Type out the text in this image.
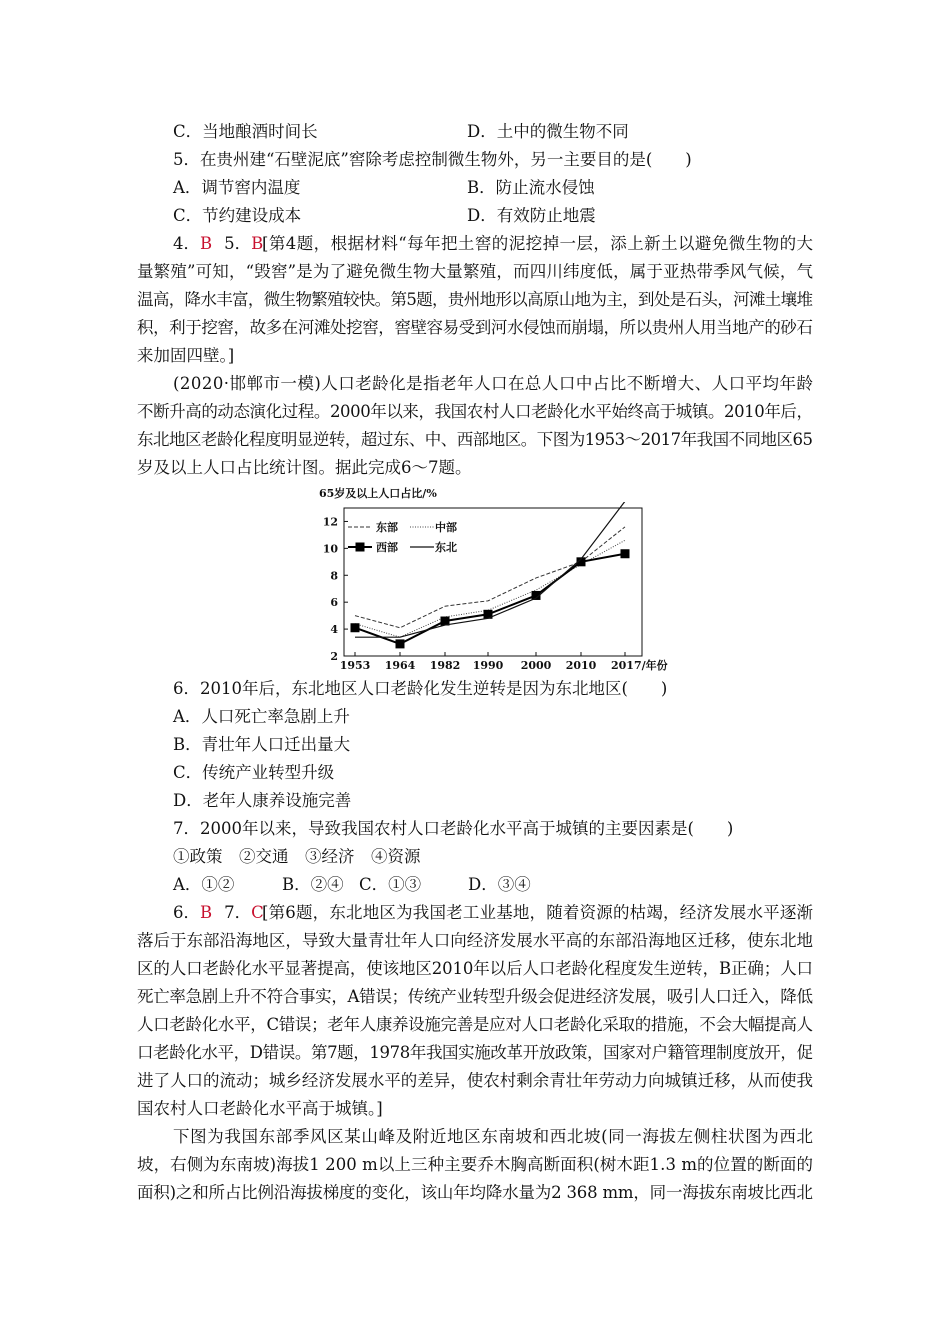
C．当地酿酒时间长	D．土中的微生物不同
5．在贵州建“石壁泥底”窖除考虑控制微生物外，另一主要目的是(　　)
A．调节窖内温度	B．防止流水侵蚀
C．节约建设成本	D．有效防止地震
4．B 5．B
[第4题，根据材料“每年把土窖的泥挖掉一层，添上新土以避免微生物的大
量繁殖”可知，“毁窖”是为了避免微生物大量繁殖，而四川纬度低，属于亚热带季风气候，气
温高，降水丰富，微生物繁殖较快。第5题，贵州地形以高原山地为主，到处是石头，河滩土壤堆
积，利于挖窖，故多在河滩处挖窖，窖壁容易受到河水侵蚀而崩塌，所以贵州人用当地产的砂石
来加固四壁。]
(2020·邯郸市一模)人口老龄化是指老年人口在总人口中占比不断增大、人口平均年龄
不断升高的动态演化过程。2000年以来，我国农村人口老龄化水平始终高于城镇。2010年后，
东北地区老龄化程度明显逆转，超过东、中、西部地区。下图为1953～2017年我国不同地区65
岁及以上人口占比统计图。据此完成6～7题。
65岁及以上人口占比/%
2
4
6
8
10
12
1953 1964 1982 1990 2000 2010 2017/年份
东部	中部
西部	东北
6．2010年后，东北地区人口老龄化发生逆转是因为东北地区(　　)
A．人口死亡率急剧上升
B．青壮年人口迁出量大
C．传统产业转型升级
D．老年人康养设施完善
7．2000年以来，导致我国农村人口老龄化水平高于城镇的主要因素是(　　)
①政策　②交通　③经济　④资源
A．①②	B．②④ C．①③	D．③④
6．B 7．C
[第6题，东北地区为我国老工业基地，随着资源的枯竭，经济发展水平逐渐
落后于东部沿海地区，导致大量青壮年人口向经济发展水平高的东部沿海地区迁移，使东北地
区的人口老龄化水平显著提高，使该地区2010年以后人口老龄化程度发生逆转，B正确；人口
死亡率急剧上升不符合事实，A错误；传统产业转型升级会促进经济发展，吸引人口迁入，降低
人口老龄化水平，C错误；老年人康养设施完善是应对人口老龄化采取的措施，不会大幅提高人
口老龄化水平，D错误。第7题，1978年我国实施改革开放政策，国家对户籍管理制度放开，促
进了人口的流动；城乡经济发展水平的差异，使农村剩余青壮年劳动力向城镇迁移，从而使我
国农村人口老龄化水平高于城镇。]
下图为我国东部季风区某山峰及附近地区东南坡和西北坡(同一海拔左侧柱状图为西北
坡，右侧为东南坡)海拔1 200 m以上三种主要乔木胸高断面积(树木距1.3 m的位置的断面的
面积)之和所占比例沿海拔梯度的变化，该山年均降水量为2 368 mm，同一海拔东南坡比西北
